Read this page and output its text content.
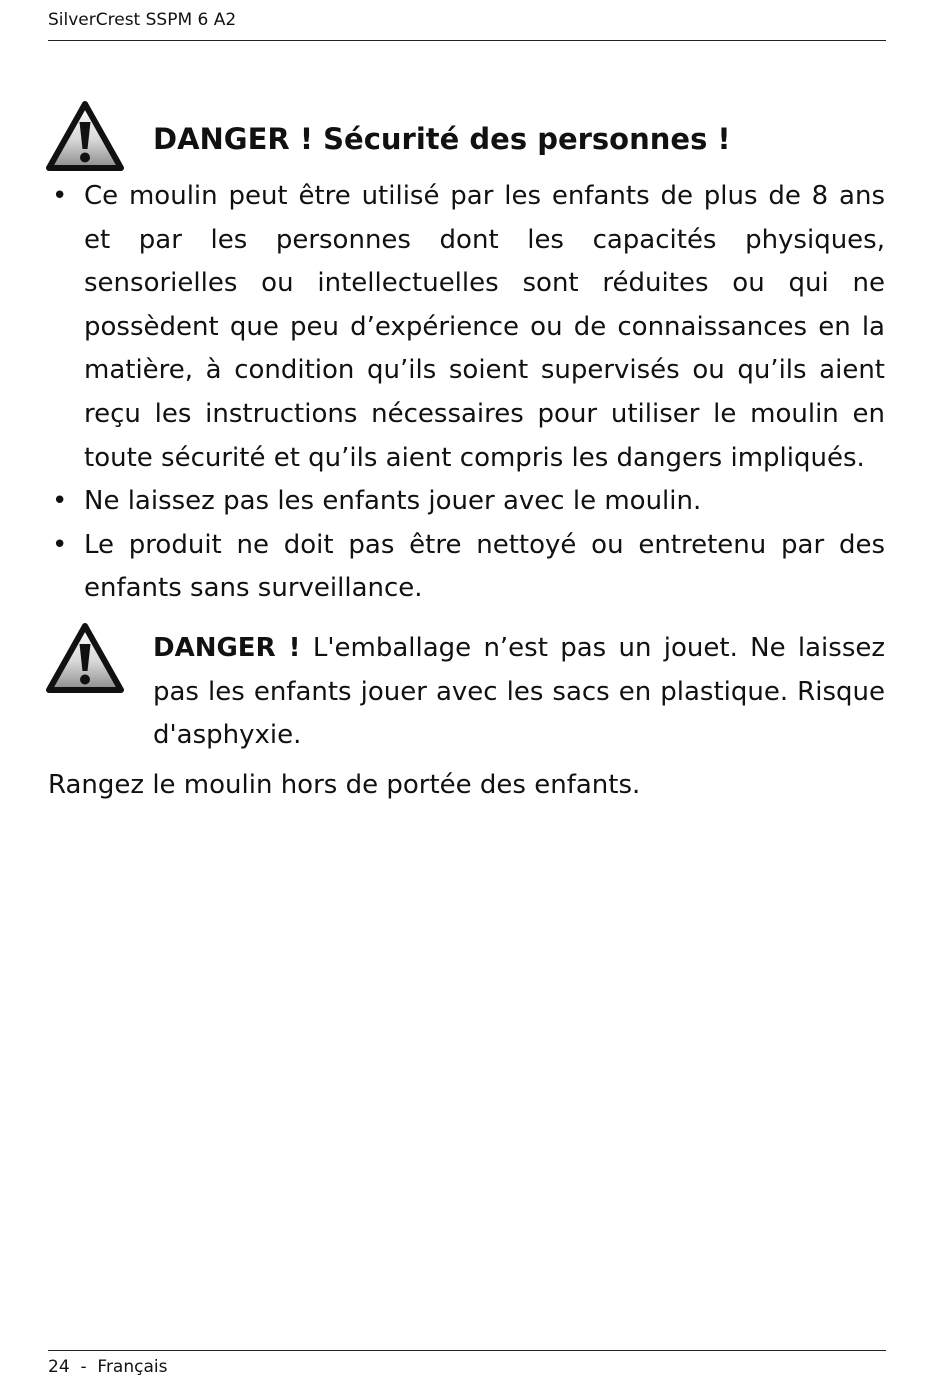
SilverCrest SSPM 6 A2
DANGER ! Sécurité des personnes !
• Ce moulin peut être utilisé par les enfants de plus de 8 ans et par les personnes dont les capacités physiques, sensorielles ou intellectuelles sont réduites ou qui ne possèdent que peu d’expérience ou de connaissances en la matière, à condition qu’ils soient supervisés ou qu’ils aient reçu les instructions nécessaires pour utiliser le moulin en toute sécurité et qu’ils aient compris les dangers impliqués.
• Ne laissez pas les enfants jouer avec le moulin.
• Le produit ne doit pas être nettoyé ou entretenu par des enfants sans surveillance.
DANGER ! L'emballage n’est pas un jouet. Ne laissez pas les enfants jouer avec les sacs en plastique. Risque d'asphyxie.
Rangez le moulin hors de portée des enfants.
24 - Français
